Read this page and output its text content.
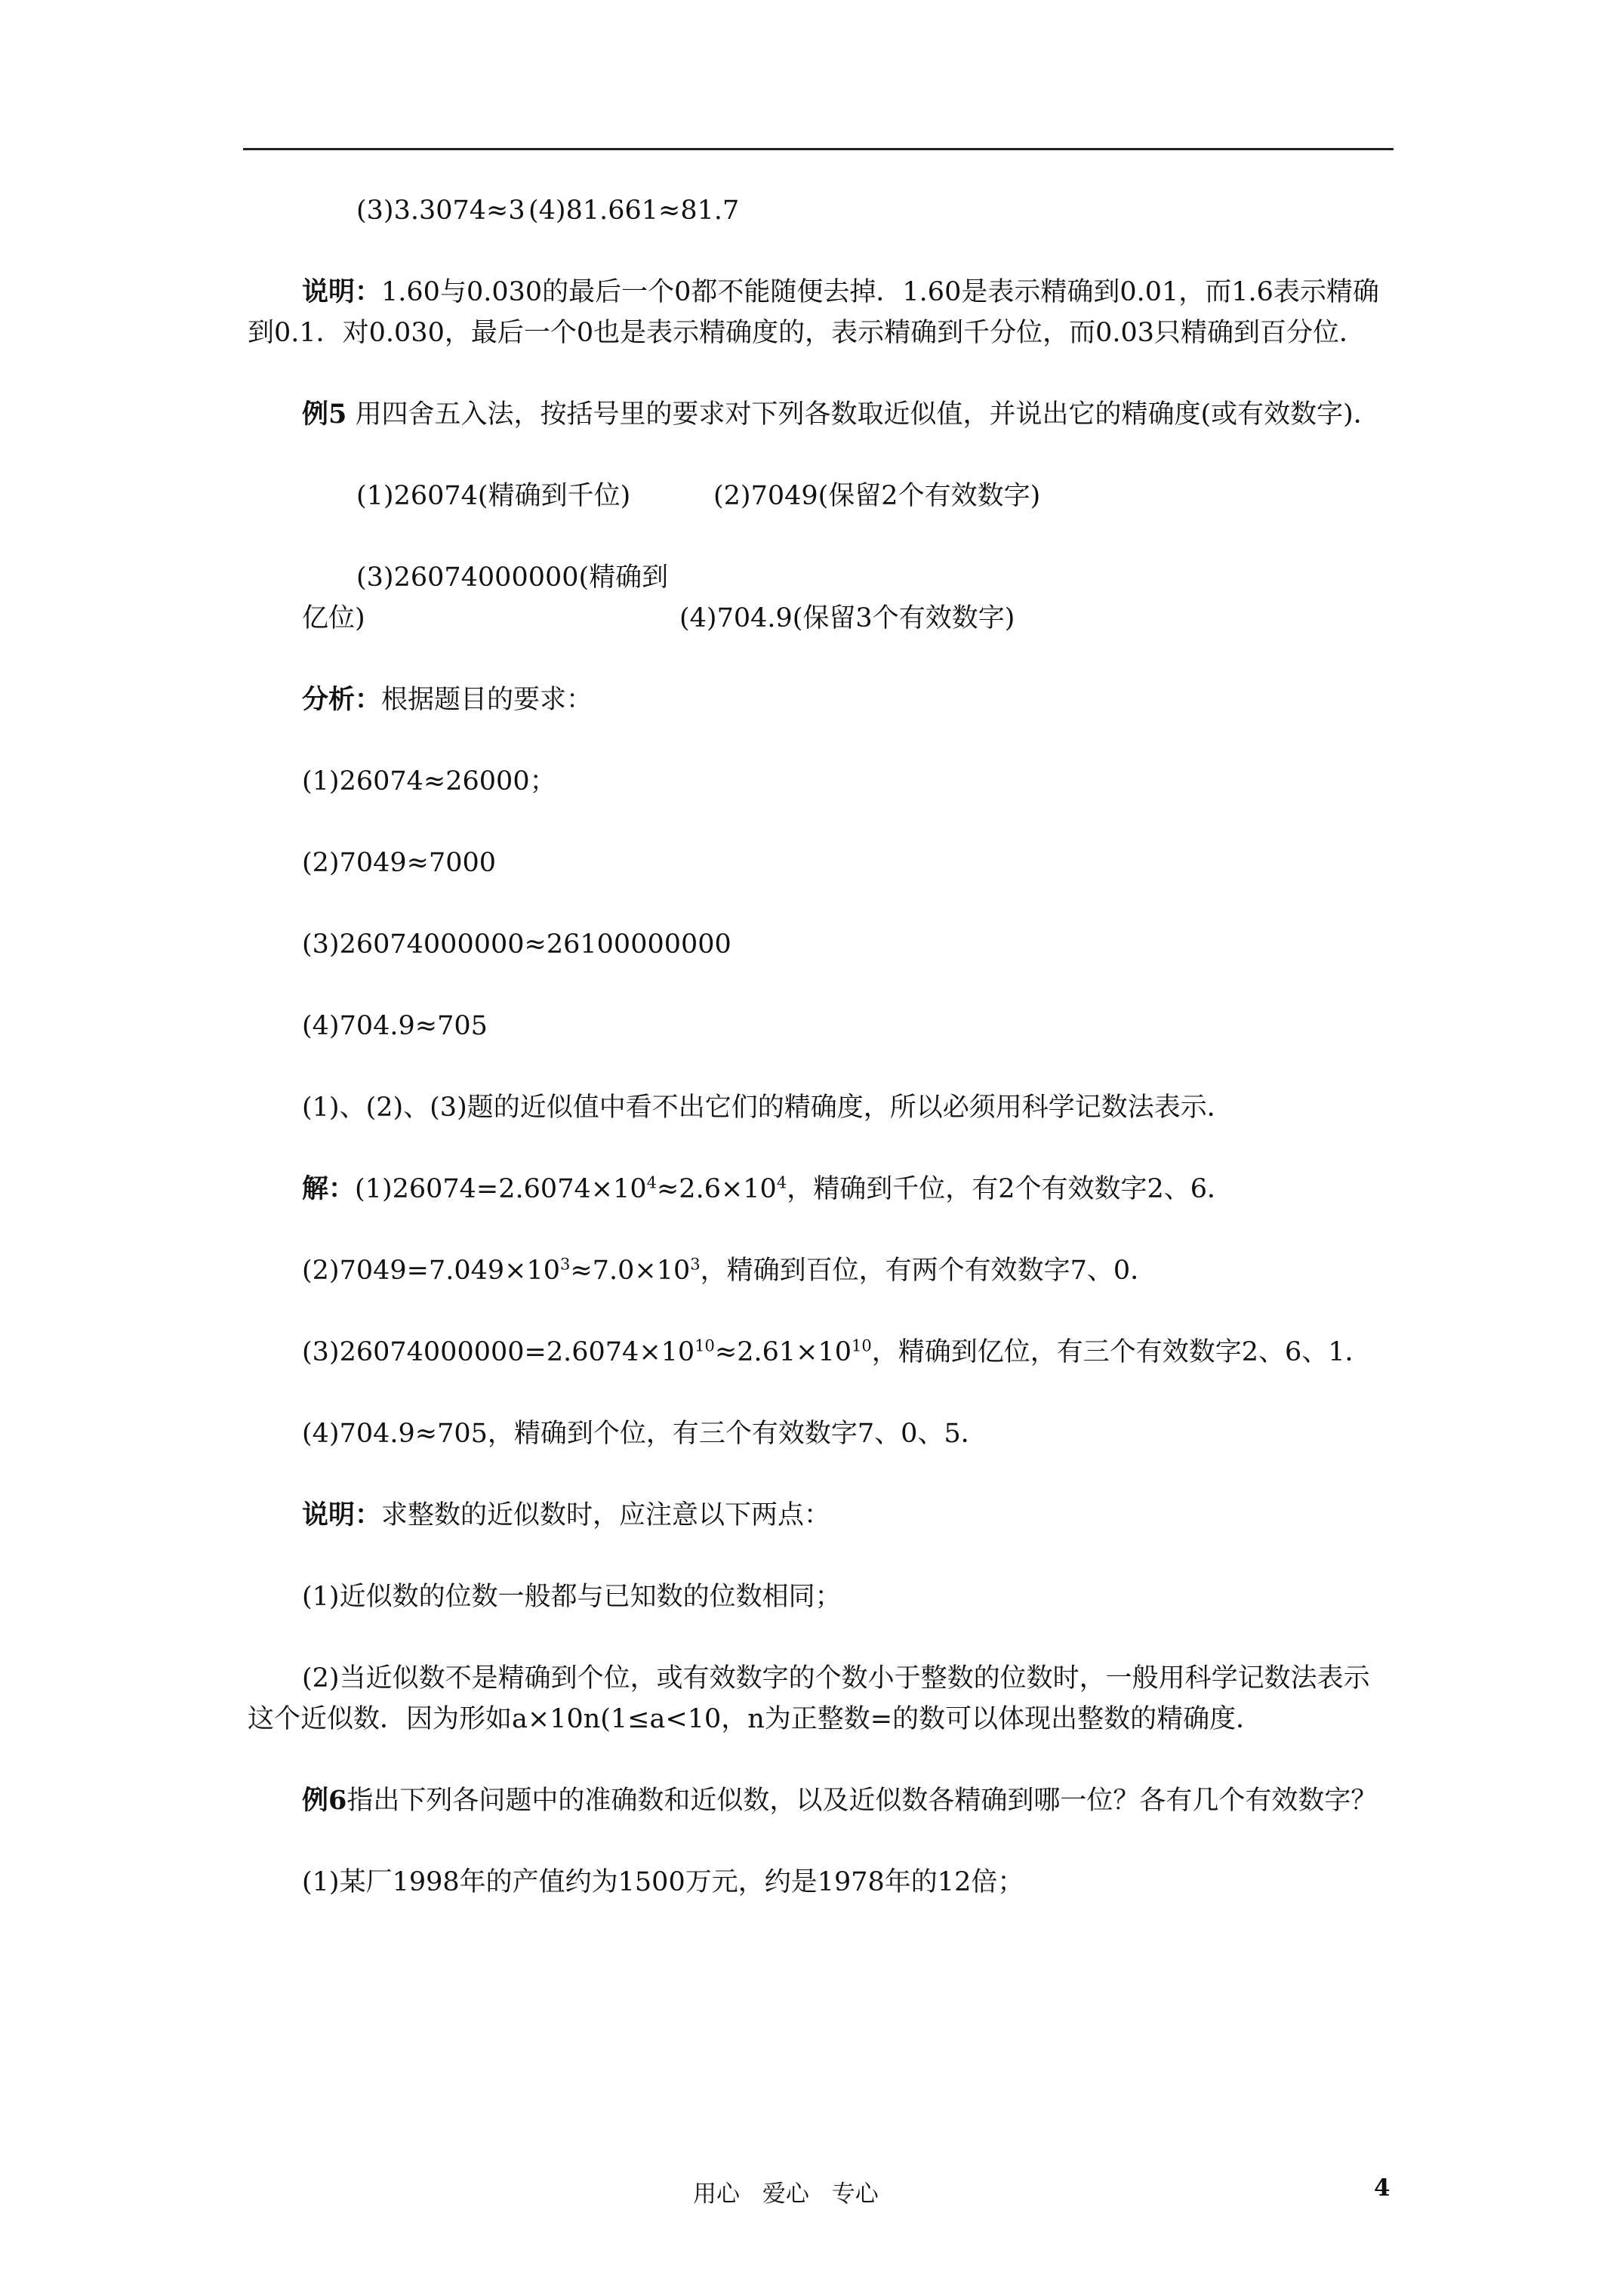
(3)3.3074≈3 (4)81.661≈81.7

说明：1.60与0.030的最后一个0都不能随便去掉．1.60是表示精确到0.01，而1.6表示精确到0.1．对0.030，最后一个0也是表示精确度的，表示精确到千分位，而0.03只精确到百分位．

例5 用四舍五入法，按括号里的要求对下列各数取近似值，并说出它的精确度(或有效数字)．

(1)26074(精确到千位)	(2)7049(保留2个有效数字)

(3)26074000000(精确到亿位)	(4)704.9(保留3个有效数字)

分析：根据题目的要求：

(1)26074≈26000；

(2)7049≈7000

(3)26074000000≈26100000000

(4)704.9≈705

(1)、(2)、(3)题的近似值中看不出它们的精确度，所以必须用科学记数法表示．

解：$(1)26074=2.6074\times 10^4\approx 2.6\times 10^4$，精确到千位，有2个有效数字2、6．

$(2)7049=7.049\times 10^3\approx 7.0\times 10^3$，精确到百位，有两个有效数字7、0．

$(3)26074000000=2.6074\times 10^{10}\approx 2.61\times 10^{10}$，精确到亿位，有三个有效数字2、6、1．

(4)704.9≈705，精确到个位，有三个有效数字7、0、5．

说明：求整数的近似数时，应注意以下两点：

(1)近似数的位数一般都与已知数的位数相同；

(2)当近似数不是精确到个位，或有效数字的个数小于整数的位数时，一般用科学记数法表示这个近似数．因为形如a×10n(1≤a<10，n为正整数=的数可以体现出整数的精确度．

例6指出下列各问题中的准确数和近似数，以及近似数各精确到哪一位？各有几个有效数字？

(1)某厂1998年的产值约为1500万元，约是1978年的12倍；

用心 爱心 专心	4
